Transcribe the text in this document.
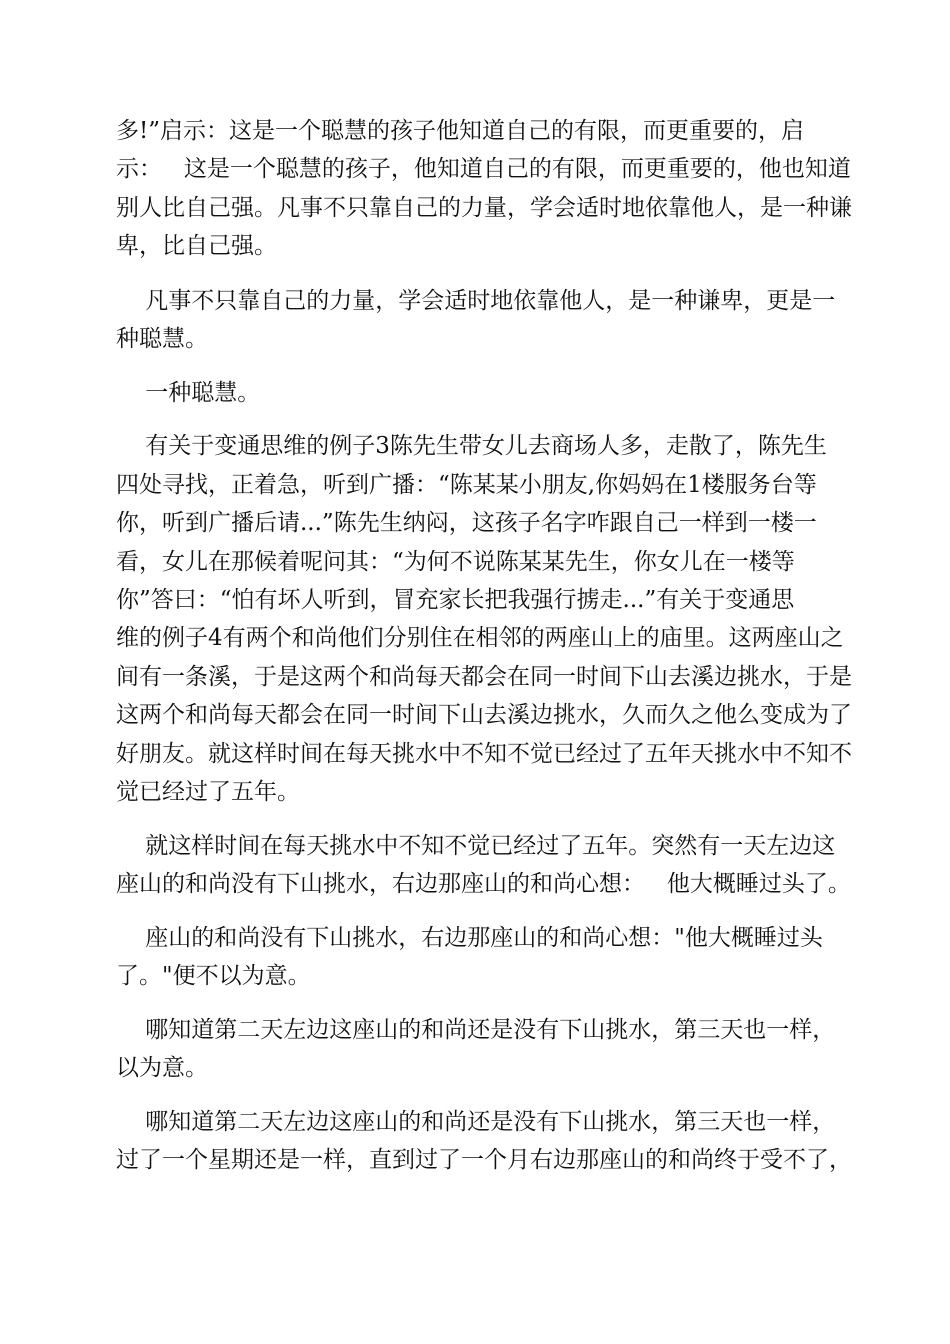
多!”启示：这是一个聪慧的孩子他知道自己的有限，而更重要的，启
示：   这是一个聪慧的孩子，他知道自己的有限，而更重要的，他也知道
别人比自己强。凡事不只靠自己的力量，学会适时地依靠他人，是一种谦
卑，比自己强。
凡事不只靠自己的力量，学会适时地依靠他人，是一种谦卑，更是一
种聪慧。
一种聪慧。
有关于变通思维的例子3陈先生带女儿去商场人多，走散了，陈先生
四处寻找，正着急，听到广播：“陈某某小朋友,你妈妈在1楼服务台等
你，听到广播后请...”陈先生纳闷，这孩子名字咋跟自己一样到一楼一
看，女儿在那候着呢问其：“为何不说陈某某先生，你女儿在一楼等
你”答曰：“怕有坏人听到，冒充家长把我强行掳走...”有关于变通思
维的例子4有两个和尚他们分别住在相邻的两座山上的庙里。这两座山之
间有一条溪，于是这两个和尚每天都会在同一时间下山去溪边挑水，于是
这两个和尚每天都会在同一时间下山去溪边挑水，久而久之他么变成为了
好朋友。就这样时间在每天挑水中不知不觉已经过了五年天挑水中不知不
觉已经过了五年。
就这样时间在每天挑水中不知不觉已经过了五年。突然有一天左边这
座山的和尚没有下山挑水，右边那座山的和尚心想：   他大概睡过头了。
座山的和尚没有下山挑水，右边那座山的和尚心想："他大概睡过头
了。"便不以为意。
哪知道第二天左边这座山的和尚还是没有下山挑水，第三天也一样，
以为意。
哪知道第二天左边这座山的和尚还是没有下山挑水，第三天也一样，
过了一个星期还是一样，直到过了一个月右边那座山的和尚终于受不了，
